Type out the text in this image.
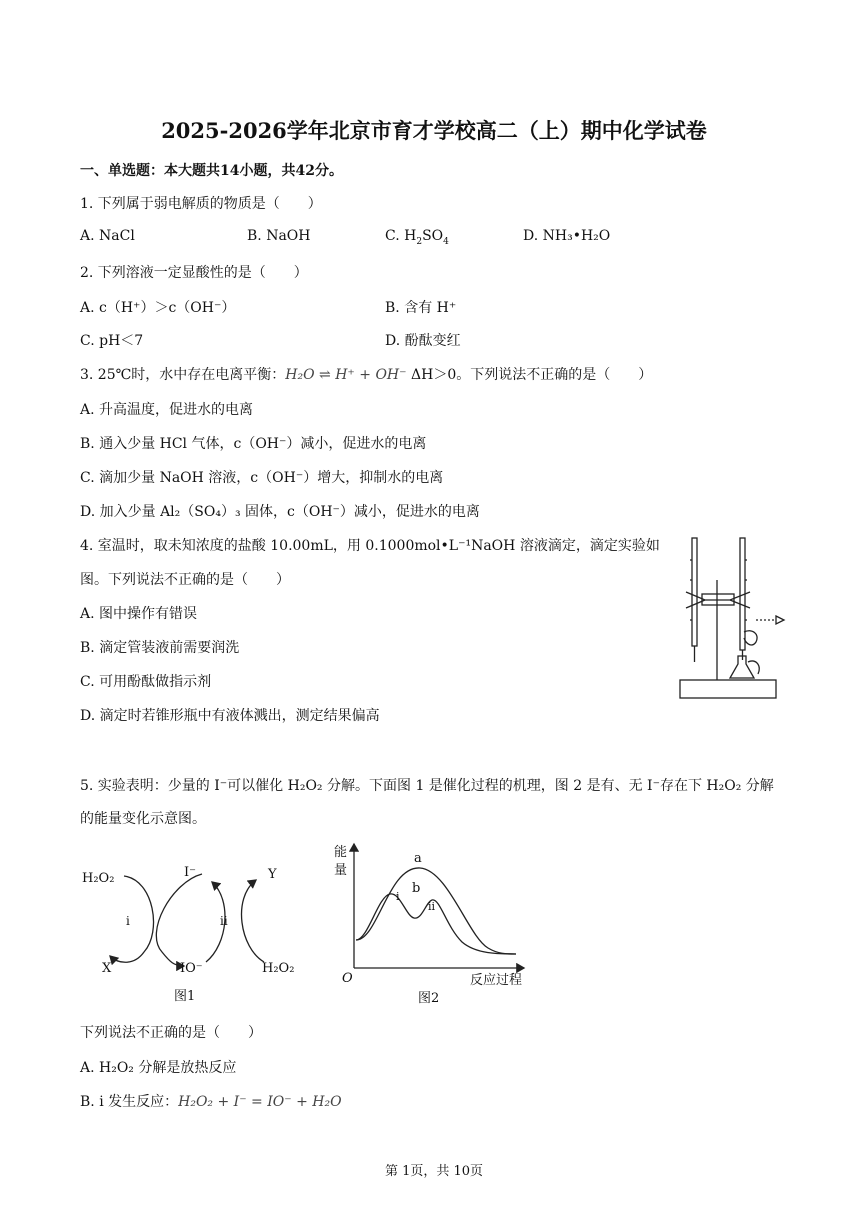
2025-2026学年北京市育才学校高二（上）期中化学试卷
一、单选题：本大题共14小题，共42分。
1. 下列属于弱电解质的物质是（　　）
A. NaCl	B. NaOH	C. $H_2SO_4$	D. NH₃•H₂O
2. 下列溶液一定显酸性的是（　　）
A. c（H⁺）＞c（OH⁻）	B. 含有 H⁺
C. pH＜7	D. 酚酞变红
3. 25℃时，水中存在电离平衡：H₂O ⇌ H⁺ + OH⁻ ΔH＞0。下列说法不正确的是（　　）
A. 升高温度，促进水的电离
B. 通入少量 HCl 气体，c（OH⁻）减小，促进水的电离
C. 滴加少量 NaOH 溶液，c（OH⁻）增大，抑制水的电离
D. 加入少量 Al₂（SO₄）₃ 固体，c（OH⁻）减小，促进水的电离
4. 室温时，取未知浓度的盐酸 10.00mL，用 0.1000mol•L⁻¹NaOH 溶液滴定，滴定实验如
图。下列说法不正确的是（　　）
A. 图中操作有错误
B. 滴定管装液前需要润洗
C. 可用酚酞做指示剂
D. 滴定时若锥形瓶中有液体溅出，测定结果偏高
5. 实验表明：少量的 I⁻可以催化 H₂O₂ 分解。下面图 1 是催化过程的机理，图 2 是有、无 I⁻存在下 H₂O₂ 分解
的能量变化示意图。
H₂O₂	I⁻	Y
i	ii
X	IO⁻	H₂O₂
图1
能
量
a
b
i
ii
O	反应过程
图2
下列说法不正确的是（　　）
A. H₂O₂ 分解是放热反应
B. i 发生反应：H₂O₂ + I⁻ = IO⁻ + H₂O
第 1页，共 10页
